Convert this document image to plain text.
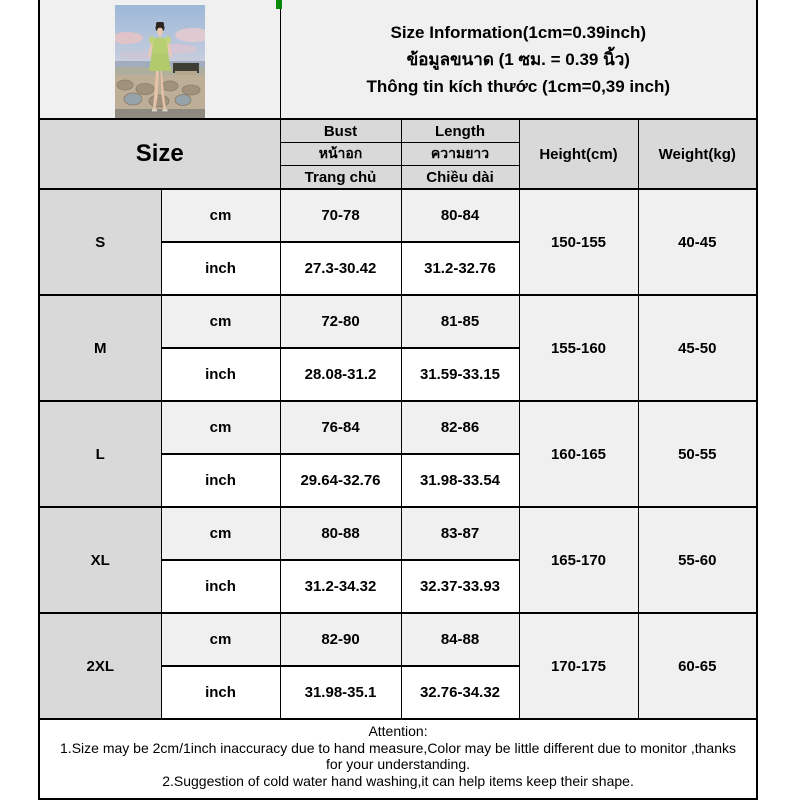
Size Information(1cm=0.39inch)
ข้อมูลขนาด (1 ซม. = 0.39 นิ้ว)
Thông tin kích thước (1cm=0,39 inch)			

Size		Bust	Length	Height(cm)	Weight(kg)
		หน้าอก	ความยาว		
		Trang chủ	Chiều dài		
S	cm	70-78	80-84	150-155	40-45
	inch	27.3-30.42	31.2-32.76		
M	cm	72-80	81-85	155-160	45-50
	inch	28.08-31.2	31.59-33.15		
L	cm	76-84	82-86	160-165	50-55
	inch	29.64-32.76	31.98-33.54		
XL	cm	80-88	83-87	165-170	55-60
	inch	31.2-34.32	32.37-33.93		
2XL	cm	82-90	84-88	170-175	60-65
	inch	31.98-35.1	32.76-34.32		

Attention:
1.Size may be 2cm/1inch inaccuracy due to hand measure,Color may be little different due to monitor ,thanks for your understanding.
2.Suggestion of cold water hand washing,it can help items keep their shape.					
